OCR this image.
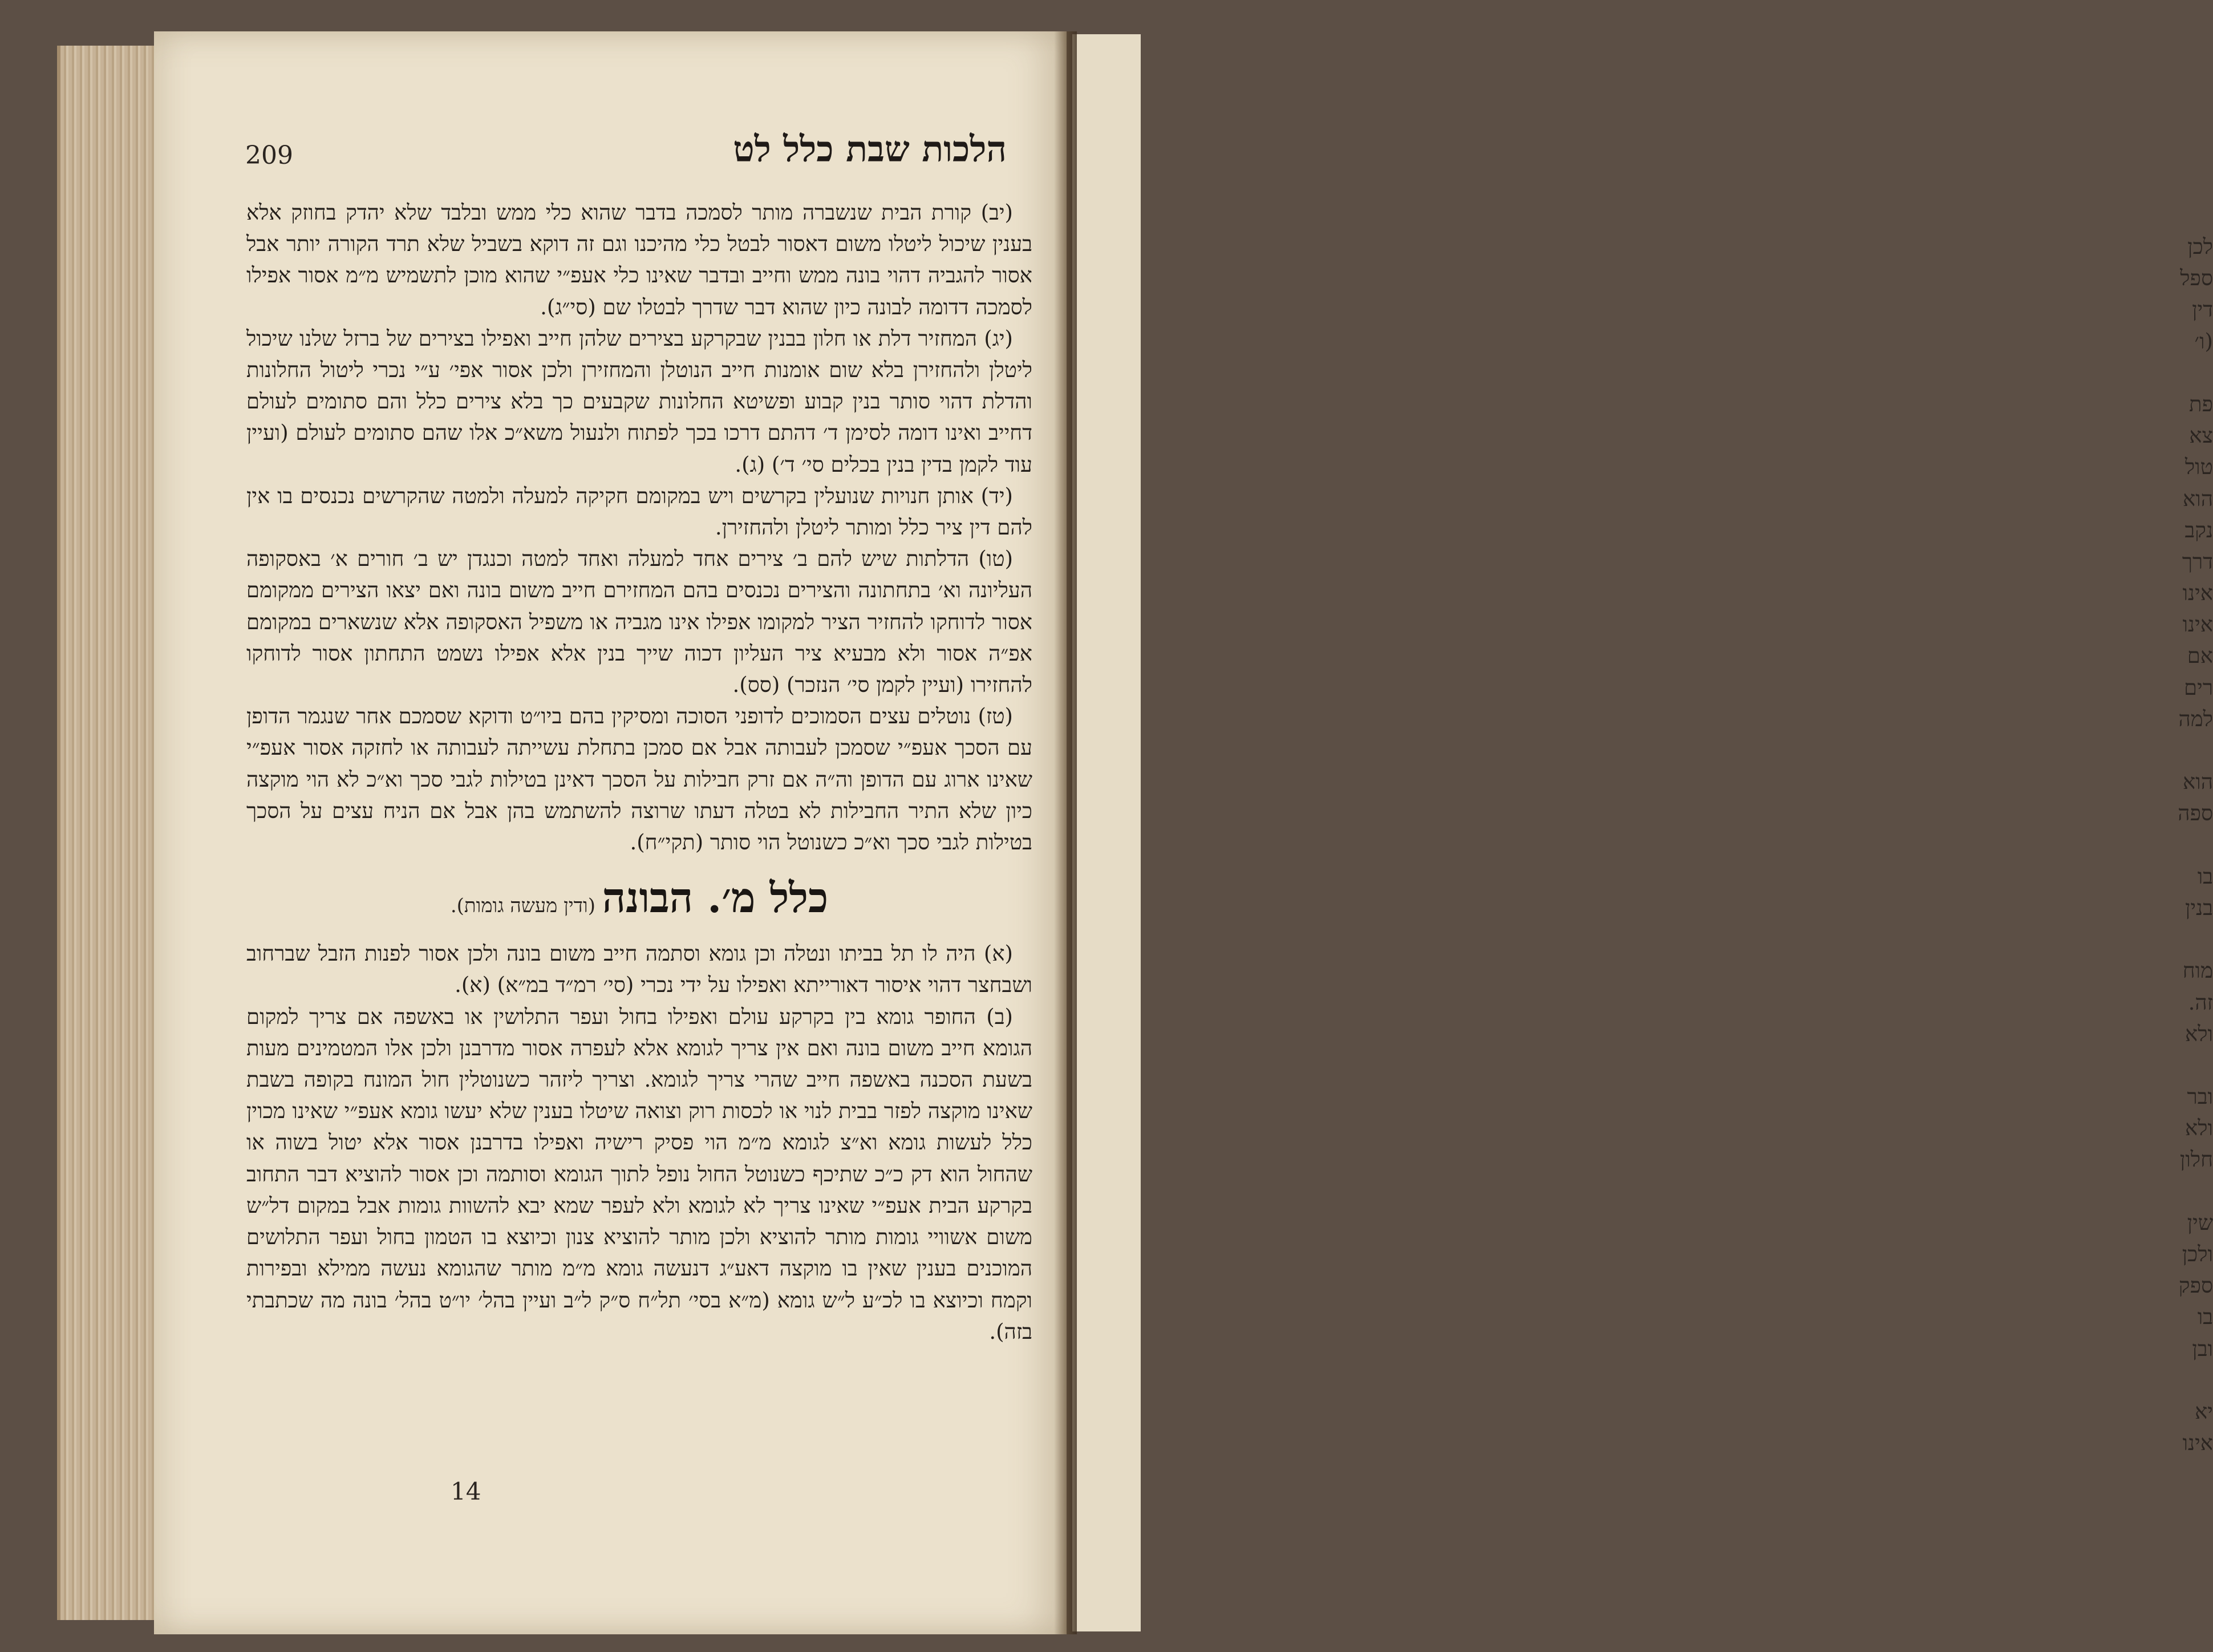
לכן
ספל
דין
(ו׳
פת
צא
טול
הוא
נקב
דרך
אינו
אינו
אם
רים
למה
הוא
ספה
בו
בנין
מוח
זה.
ולא
ובר
ולא
חלון
שין
ולכן
ספק
בו
ובן
יא
אינו
209	הלכות שבת כלל לט

(יב) קורת הבית שנשברה מותר לסמכה בדבר שהוא כלי ממש ובלבד שלא יהדק בחוזק אלא בענין שיכול ליטלו משום דאסור לבטל כלי מהיכנו וגם זה דוקא בשביל שלא תרד הקורה יותר אבל אסור להגביה דהוי בונה ממש וחייב ובדבר שאינו כלי אעפ״י שהוא מוכן לתשמיש מ״מ אסור אפילו לסמכה דדומה לבונה כיון שהוא דבר שדרך לבטלו שם (סי״ג).

(יג) המחזיר דלת או חלון בבנין שבקרקע בצירים שלהן חייב ואפילו בצירים של ברזל שלנו שיכול ליטלן ולהחזירן בלא שום אומנות חייב הנוטלן והמחזירן ולכן אסור אפי׳ ע״י נכרי ליטול החלונות והדלת דהוי סותר בנין קבוע ופשיטא החלונות שקבעים כך בלא צירים כלל והם סתומים לעולם דחייב ואינו דומה לסימן ד׳ דהתם דרכו בכך לפתוח ולנעול משא״כ אלו שהם סתומים לעולם (ועיין עוד לקמן בדין בנין בכלים סי׳ ד׳) (ג).

(יד) אותן חנויות שנועלין בקרשים ויש במקומם חקיקה למעלה ולמטה שהקרשים נכנסים בו אין להם דין ציר כלל ומותר ליטלן ולהחזירן.

(טו) הדלתות שיש להם ב׳ צירים אחד למעלה ואחד למטה וכנגדן יש ב׳ חורים א׳ באסקופה העליונה וא׳ בתחתונה והצירים נכנסים בהם המחזירם חייב משום בונה ואם יצאו הצירים ממקומם אסור לדוחקו להחזיר הציר למקומו אפילו אינו מגביה או משפיל האסקופה אלא שנשארים במקומם אפ״ה אסור ולא מבעיא ציר העליון דכוה שייך בנין אלא אפילו נשמט התחתון אסור לדוחקו להחזירו (ועיין לקמן סי׳ הנזכר) (סס).

(טז) נוטלים עצים הסמוכים לדופני הסוכה ומסיקין בהם ביו״ט ודוקא שסמכם אחר שנגמר הדופן עם הסכך אעפ״י שסמכן לעבותה אבל אם סמכן בתחלת עשייתה לעבותה או לחזקה אסור אעפ״י שאינו ארוג עם הדופן וה״ה אם זרק חבילות על הסכך דאינן בטילות לגבי סכך וא״כ לא הוי מוקצה כיון שלא התיר החבילות לא בטלה דעתו שרוצה להשתמש בהן אבל אם הניח עצים על הסכך בטילות לגבי סכך וא״כ כשנוטל הוי סותר (תקי״ח).

כלל מ׳. הבונה (ודין מעשה גומות).

(א) היה לו תל בביתו ונטלה וכן גומא וסתמה חייב משום בונה ולכן אסור לפנות הזבל שברחוב ושבחצר דהוי איסור דאורייתא ואפילו על ידי נכרי (סי׳ רמ״ד במ״א) (א).

(ב) החופר גומא בין בקרקע עולם ואפילו בחול ועפר התלושין או באשפה אם צריך למקום הגומא חייב משום בונה ואם אין צריך לגומא אלא לעפרה אסור מדרבנן ולכן אלו המטמינים מעות בשעת הסכנה באשפה חייב שהרי צריך לגומא. וצריך ליזהר כשנוטלין חול המונח בקופה בשבת שאינו מוקצה לפזר בבית לנוי או לכסות רוק וצואה שיטלו בענין שלא יעשו גומא אעפ״י שאינו מכוין כלל לעשות גומא וא״צ לגומא מ״מ הוי פסיק רישיה ואפילו בדרבנן אסור אלא יטול בשוה או שהחול הוא דק כ״כ שתיכף כשנוטל החול נופל לתוך הגומא וסותמה וכן אסור להוציא דבר התחוב בקרקע הבית אעפ״י שאינו צריך לא לגומא ולא לעפר שמא יבא להשוות גומות אבל במקום דל״ש משום אשוויי גומות מותר להוציא ולכן מותר להוציא צנון וכיוצא בו הטמון בחול ועפר התלושים המוכנים בענין שאין בו מוקצה דאע״ג דנעשה גומא מ״מ מותר שהגומא נעשה ממילא ובפירות וקמח וכיוצא בו לכ״ע ל״ש גומא (מ״א בסי׳ תל״ח ס״ק ל״ב ועיין בהל׳ יו״ט בהל׳ בונה מה שכתבתי בזה).

14
